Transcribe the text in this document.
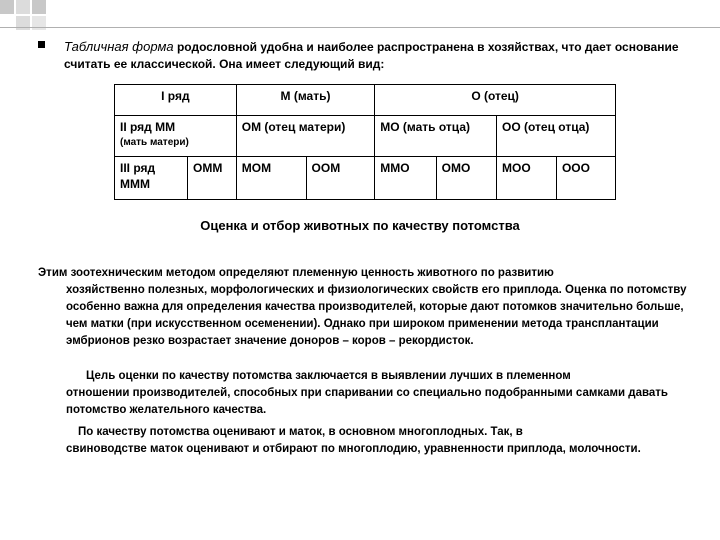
Табличная форма родословной удобна и наиболее распространена в хозяйствах, что дает основание считать ее классической. Она имеет следующий вид:
I ряд		М (мать)		О (отец)			

II ряд ММ
(мать матери)		ОМ (отец матери)		МО (мать отца)		ОО (отец отца)	
III ряд МММ	ОММ	МОМ	ООМ	ММО	ОМО	МОО	ООО
Оценка и отбор животных по качеству потомства

Этим зоотехническим методом определяют племенную ценность животного по развитию
хозяйственно полезных, морфологических и физиологических свойств его приплода. Оценка по потомству особенно важна для определения качества производителей, которые дают потомков значительно больше, чем матки (при искусственном осеменении). Однако при широком применении метода трансплантации эмбрионов резко возрастает значение доноров – коров – рекордисток.

Цель оценки по качеству потомства заключается в выявлении лучших в племенном
отношении производителей, способных при спаривании со специально подобранными самками давать потомство желательного качества.

По качеству потомства оценивают и маток, в основном многоплодных. Так, в
свиноводстве маток оценивают и отбирают по многоплодию, уравненности приплода, молочности.
